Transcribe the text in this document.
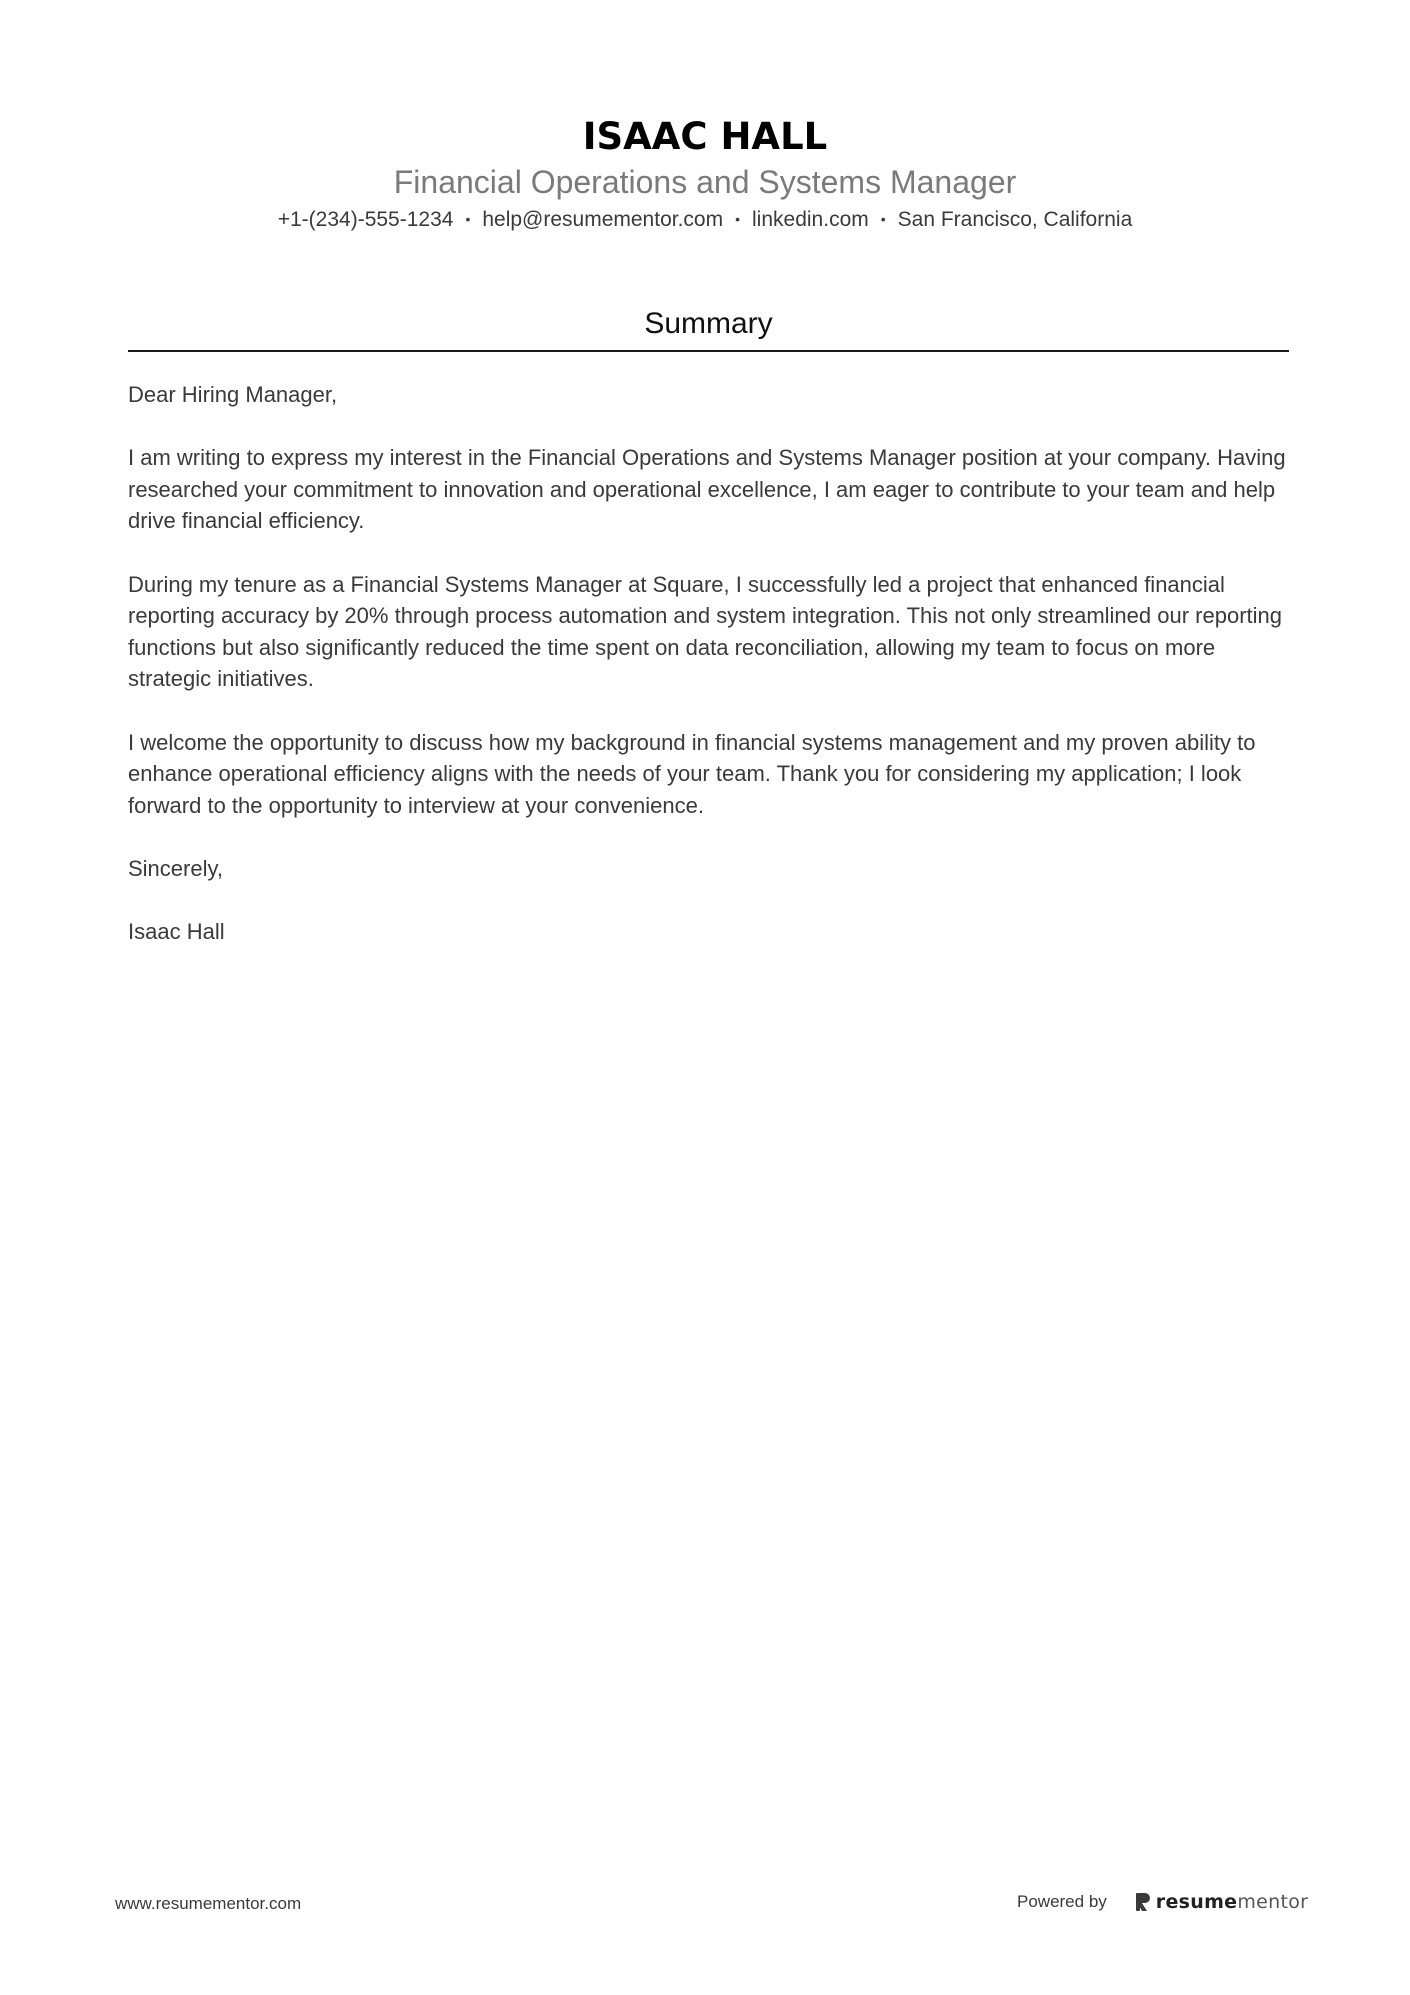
ISAAC HALL
Financial Operations and Systems Manager
+1-(234)-555-1234 • help@resumementor.com • linkedin.com • San Francisco, California
Summary

Dear Hiring Manager,

I am writing to express my interest in the Financial Operations and Systems Manager position at your company. Having researched your commitment to innovation and operational excellence, I am eager to contribute to your team and help drive financial efficiency.

During my tenure as a Financial Systems Manager at Square, I successfully led a project that enhanced financial reporting accuracy by 20% through process automation and system integration. This not only streamlined our reporting functions but also significantly reduced the time spent on data reconciliation, allowing my team to focus on more strategic initiatives.

I welcome the opportunity to discuss how my background in financial systems management and my proven ability to enhance operational efficiency aligns with the needs of your team. Thank you for considering my application; I look forward to the opportunity to interview at your convenience.

Sincerely,

Isaac Hall

www.resumementor.com	Powered by	resumementor
